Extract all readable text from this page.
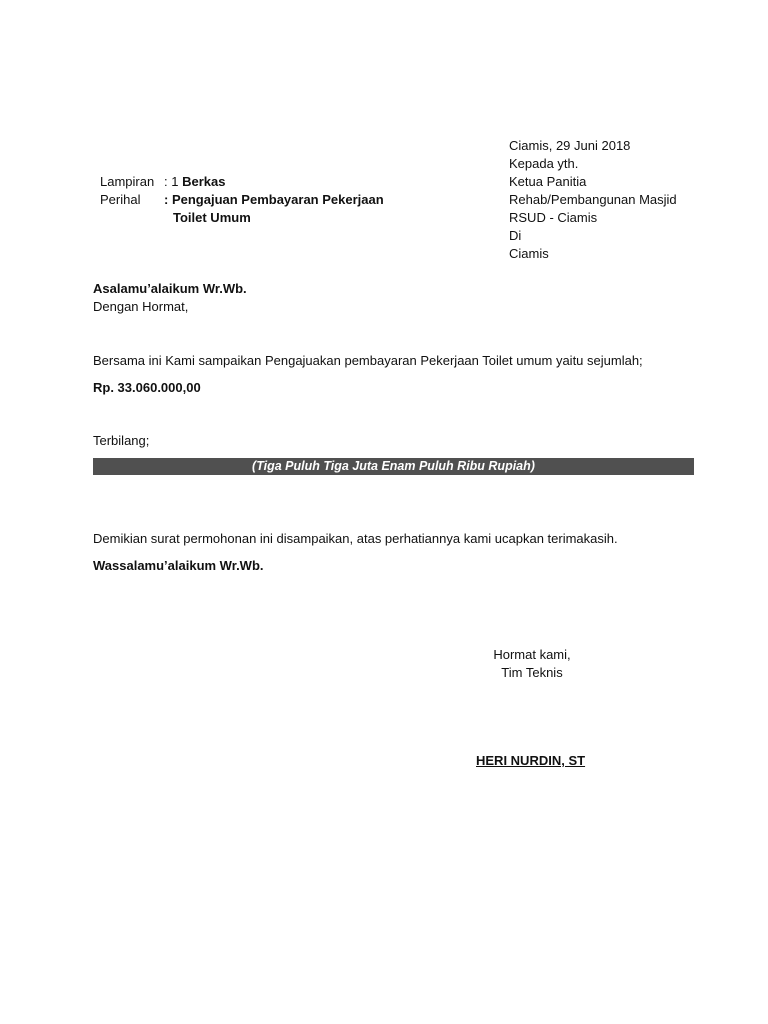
Ciamis, 29 Juni 2018
Kepada yth.
Ketua Panitia
Rehab/Pembangunan Masjid
RSUD - Ciamis
Di
Ciamis
Lampiran : 1 Berkas
Perihal : Pengajuan Pembayaran Pekerjaan
Toilet Umum
Asalamu’alaikum Wr.Wb.
Dengan Hormat,
Bersama ini Kami sampaikan Pengajuakan pembayaran Pekerjaan Toilet umum yaitu sejumlah;
Rp. 33.060.000,00
Terbilang;
(Tiga Puluh Tiga Juta Enam Puluh Ribu Rupiah)
Demikian surat permohonan ini disampaikan, atas perhatiannya kami ucapkan terimakasih.
Wassalamu’alaikum Wr.Wb.
Hormat kami,
Tim Teknis
HERI NURDIN, ST
